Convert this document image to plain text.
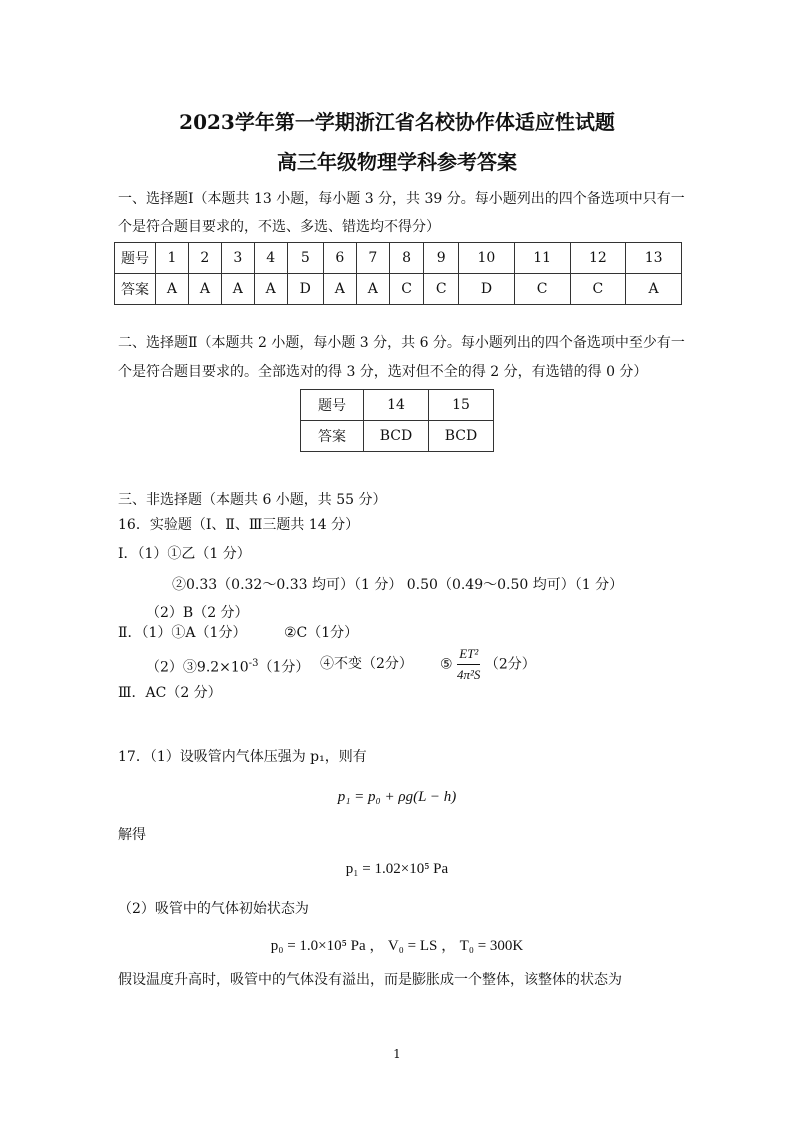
2023学年第一学期浙江省名校协作体适应性试题
高三年级物理学科参考答案
一、选择题Ⅰ（本题共 13 小题，每小题 3 分，共 39 分。每小题列出的四个备选项中只有一
个是符合题目要求的，不选、多选、错选均不得分）
题号	1	2	3	4	5	6	7	8	9	10	11	12	13
答案	A	A	A	A	D	A	A	C	C	D	C	C	A
二、选择题Ⅱ（本题共 2 小题，每小题 3 分，共 6 分。每小题列出的四个备选项中至少有一
个是符合题目要求的。全部选对的得 3 分，选对但不全的得 2 分，有选错的得 0 分）
题号	14	15
答案	BCD	BCD
三、非选择题（本题共 6 小题，共 55 分）
16．实验题（Ⅰ、Ⅱ、Ⅲ三题共 14 分）
Ⅰ．（1）①乙（1 分）
②0.33（0.32～0.33 均可）（1 分） 0.50（0.49～0.50 均可）（1 分）
（2）B（2 分）
Ⅱ．（1）①A（1分）	②C（1分）
$(2)③9.2\times 10^{-3}(1$分） ④不变（2分） ⑤ $\frac{\text{ET²}}{\text{4π²S}} (2$分）
Ⅲ．AC（2 分）
17．（1）设吸管内气体压强为 p₁，则有
p₁ = p₀ + ρg(L − h)
解得
p₁ = 1.02×10⁵ Pa
（2）吸管中的气体初始状态为
p₀ = 1.0×10⁵ Pa ， V₀ = LS ， T₀ = 300K
假设温度升高时，吸管中的气体没有溢出，而是膨胀成一个整体，该整体的状态为
1
